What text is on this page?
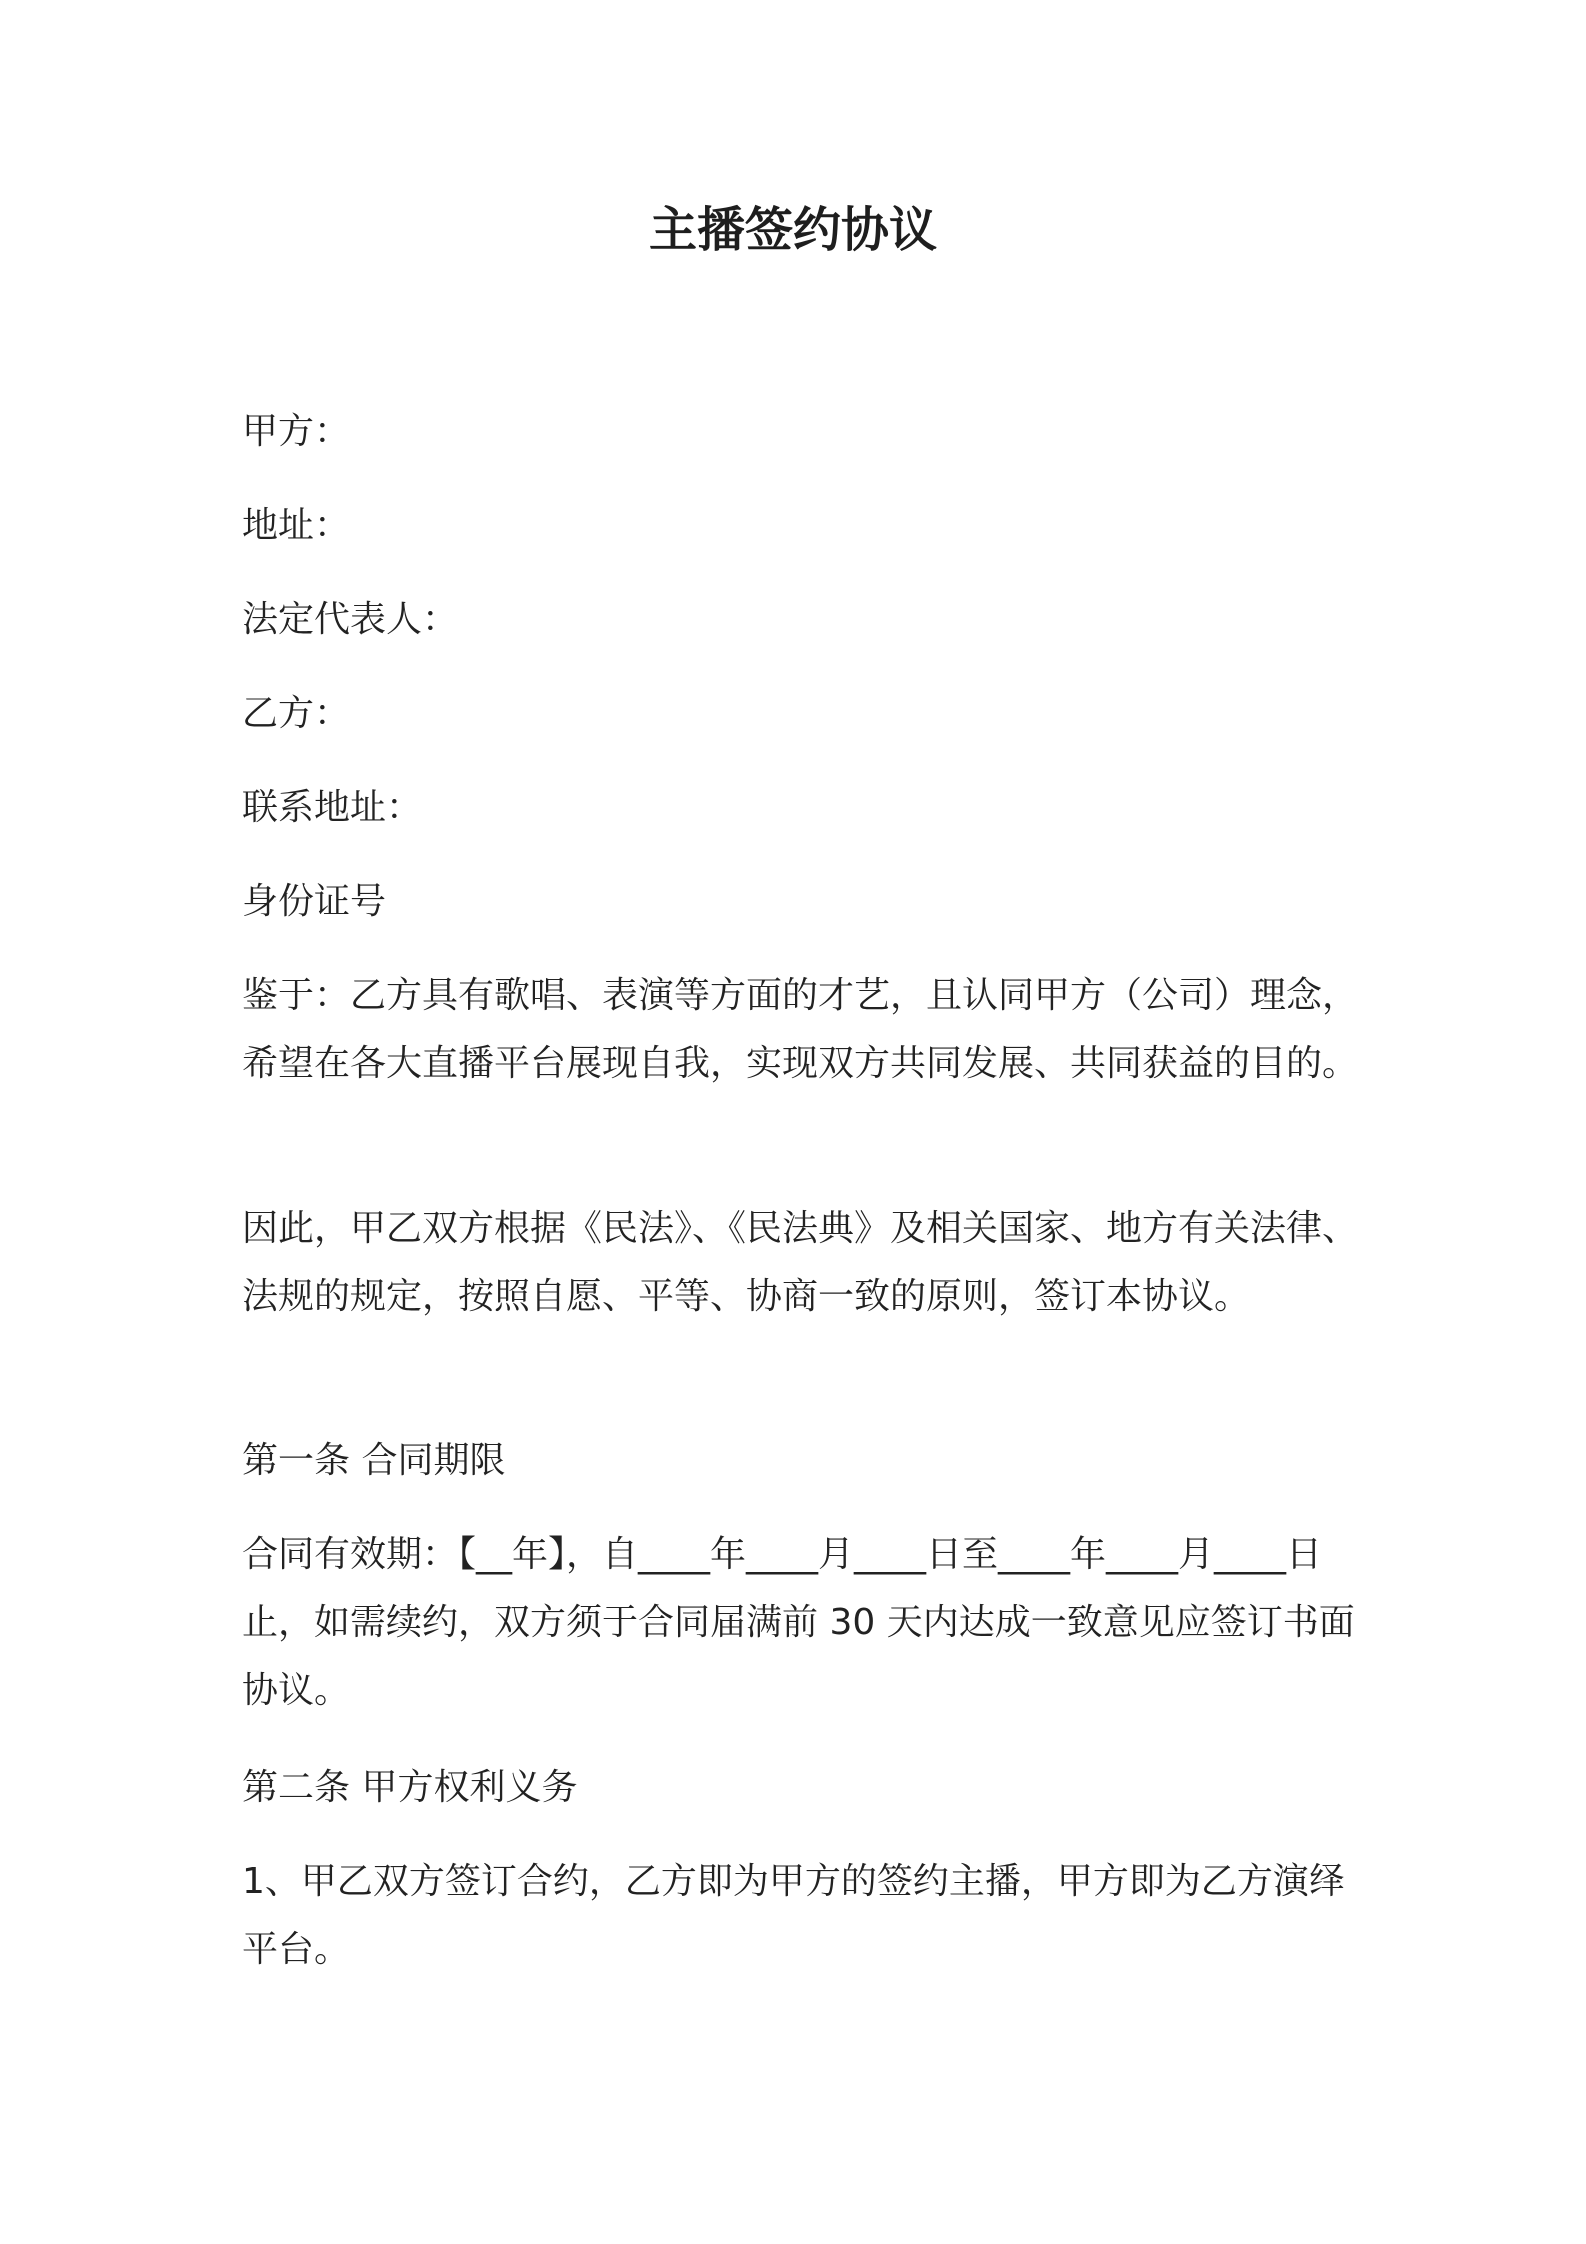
主播签约协议

甲方：

地址：

法定代表人：

乙方：

联系地址：

身份证号

鉴于：乙方具有歌唱、表演等方面的才艺，且认同甲方（公司）理念，希望在各大直播平台展现自我，实现双方共同发展、共同获益的目的。

因此，甲乙双方根据《民法》、《民法典》及相关国家、地方有关法律、法规的规定，按照自愿、平等、协商一致的原则，签订本协议。

第一条 合同期限

合同有效期：【__年】，自____年____月____日至____年____月____日止，如需续约，双方须于合同届满前 30 天内达成一致意见应签订书面协议。

第二条 甲方权利义务

1、甲乙双方签订合约，乙方即为甲方的签约主播，甲方即为乙方演绎平台。
